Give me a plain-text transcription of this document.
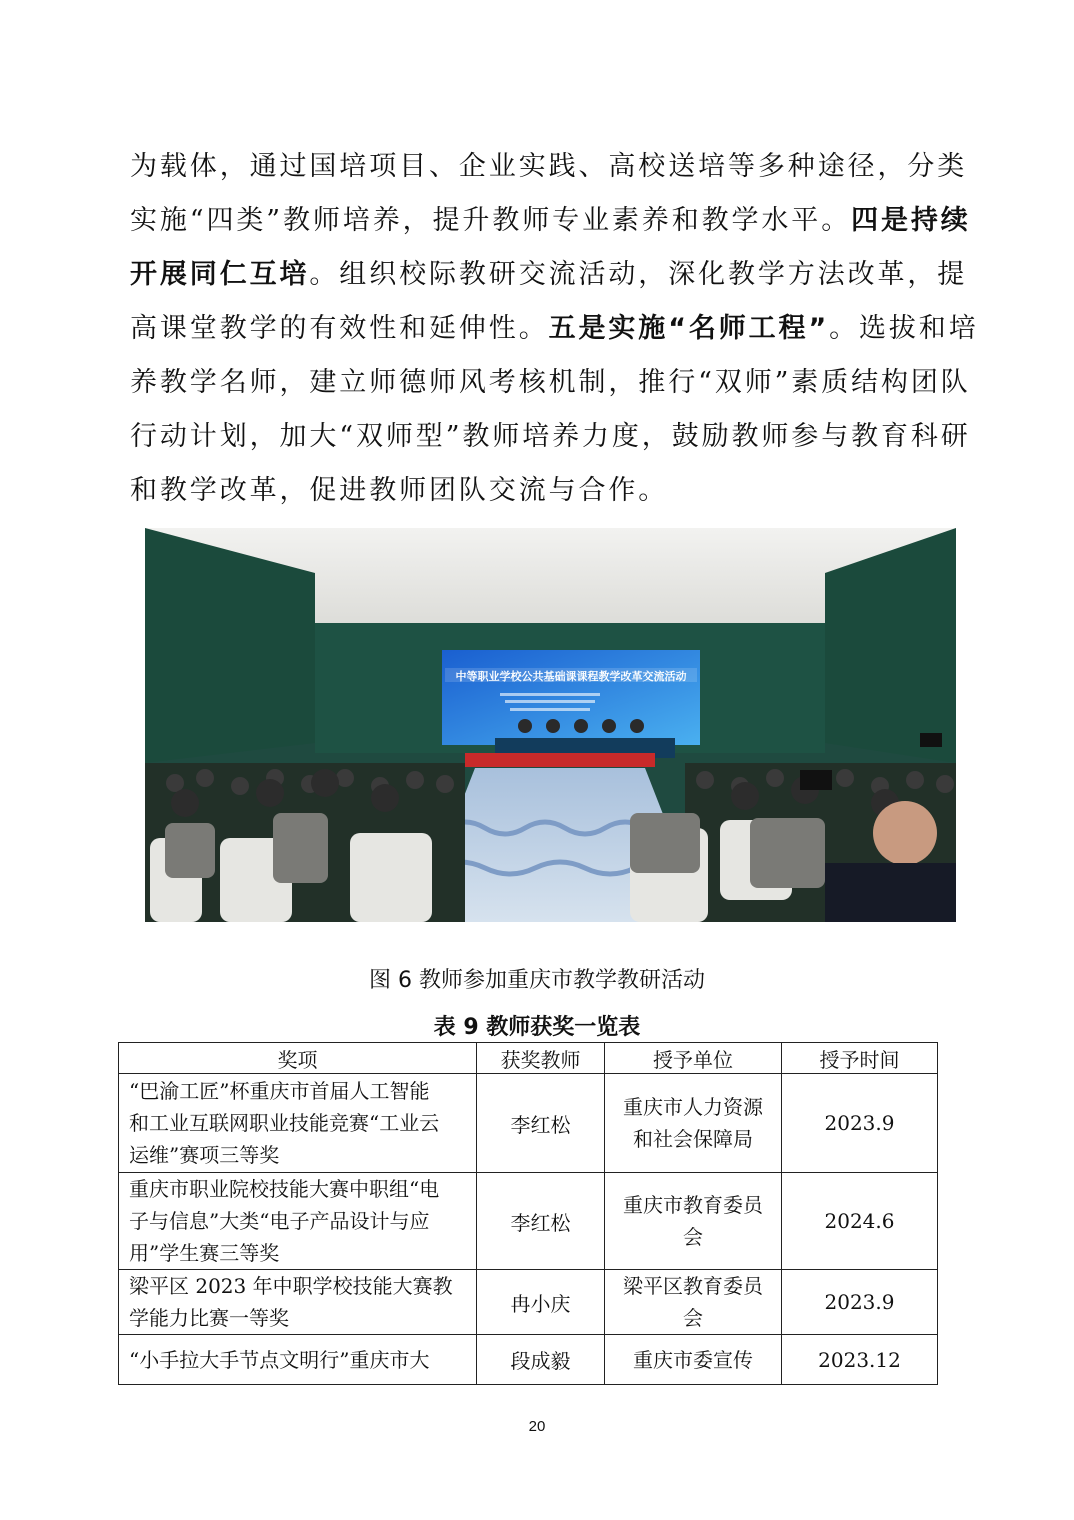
为载体，通过国培项目、企业实践、高校送培等多种途径，分类
实施“四类”教师培养，提升教师专业素养和教学水平。四是持续
开展同仁互培。组织校际教研交流活动，深化教学方法改革，提
高课堂教学的有效性和延伸性。五是实施“名师工程”。选拔和培
养教学名师，建立师德师风考核机制，推行“双师”素质结构团队
行动计划，加大“双师型”教师培养力度，鼓励教师参与教育科研
和教学改革，促进教师团队交流与合作。
中等职业学校公共基础课课程教学改革交流活动
图 6 教师参加重庆市教学教研活动
表 9 教师获奖一览表
奖项	获奖教师	授予单位	授予时间
“巴渝工匠”杯重庆市首届人工智能
和工业互联网职业技能竞赛“工业云
运维”赛项三等奖	李红松	重庆市人力资源
和社会保障局	2023.9
重庆市职业院校技能大赛中职组“电
子与信息”大类“电子产品设计与应
用”学生赛三等奖	李红松	重庆市教育委员
会	2024.6
梁平区 2023 年中职学校技能大赛教
学能力比赛一等奖	冉小庆	梁平区教育委员
会	2023.9
“小手拉大手节点文明行”重庆市大	段成毅	重庆市委宣传	2023.12
20
